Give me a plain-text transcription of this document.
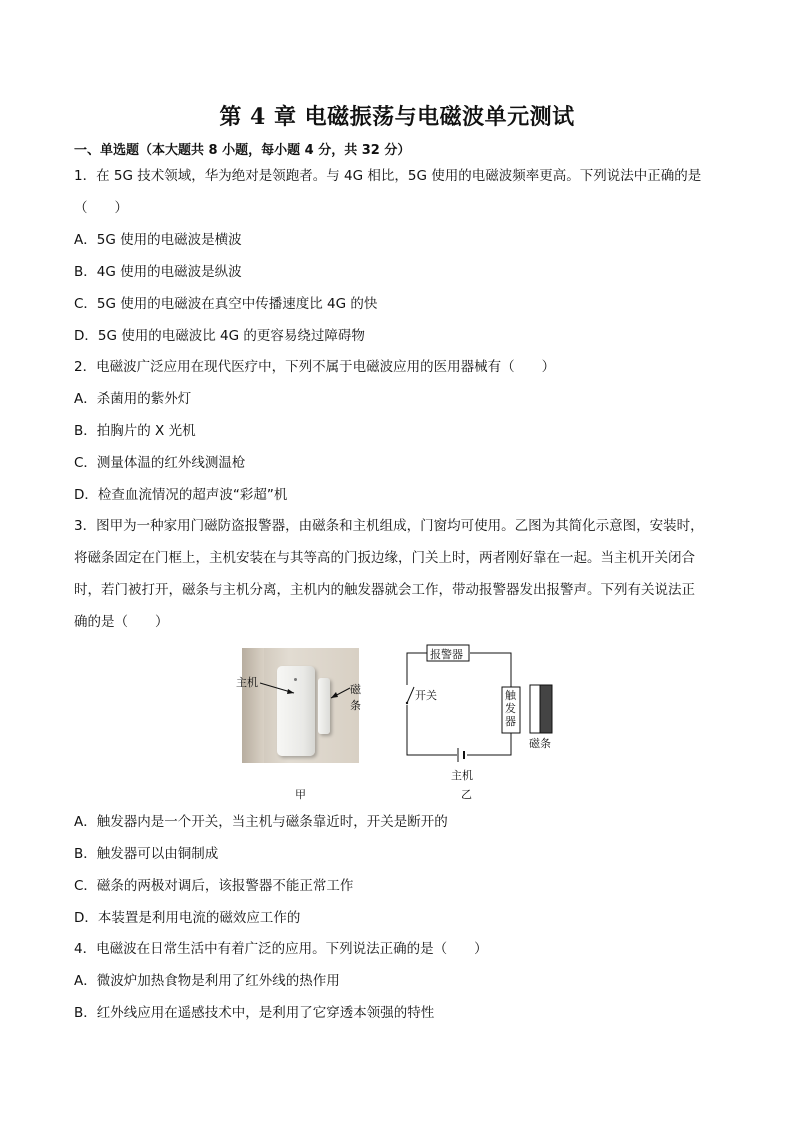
第 4 章 电磁振荡与电磁波单元测试
一、单选题（本大题共 8 小题，每小题 4 分，共 32 分）
1．在 5G 技术领域，华为绝对是领跑者。与 4G 相比，5G 使用的电磁波频率更高。下列说法中正确的是
（　　）
A．5G 使用的电磁波是横波
B．4G 使用的电磁波是纵波
C．5G 使用的电磁波在真空中传播速度比 4G 的快
D．5G 使用的电磁波比 4G 的更容易绕过障碍物
2．电磁波广泛应用在现代医疗中，下列不属于电磁波应用的医用器械有（　　）
A．杀菌用的紫外灯
B．拍胸片的 X 光机
C．测量体温的红外线测温枪
D．检查血流情况的超声波“彩超”机
3．图甲为一种家用门磁防盗报警器，由磁条和主机组成，门窗均可使用。乙图为其简化示意图，安装时，
将磁条固定在门框上，主机安装在与其等高的门扳边缘，门关上时，两者刚好靠在一起。当主机开关闭合
时，若门被打开，磁条与主机分离，主机内的触发器就会工作，带动报警器发出报警声。下列有关说法正
确的是（　　）
主机
磁条
甲
报警器
开关	触发器
磁条
主机
乙
A．触发器内是一个开关，当主机与磁条靠近时，开关是断开的
B．触发器可以由铜制成
C．磁条的两极对调后，该报警器不能正常工作
D．本装置是利用电流的磁效应工作的
4．电磁波在日常生活中有着广泛的应用。下列说法正确的是（　　）
A．微波炉加热食物是利用了红外线的热作用
B．红外线应用在遥感技术中，是利用了它穿透本领强的特性
